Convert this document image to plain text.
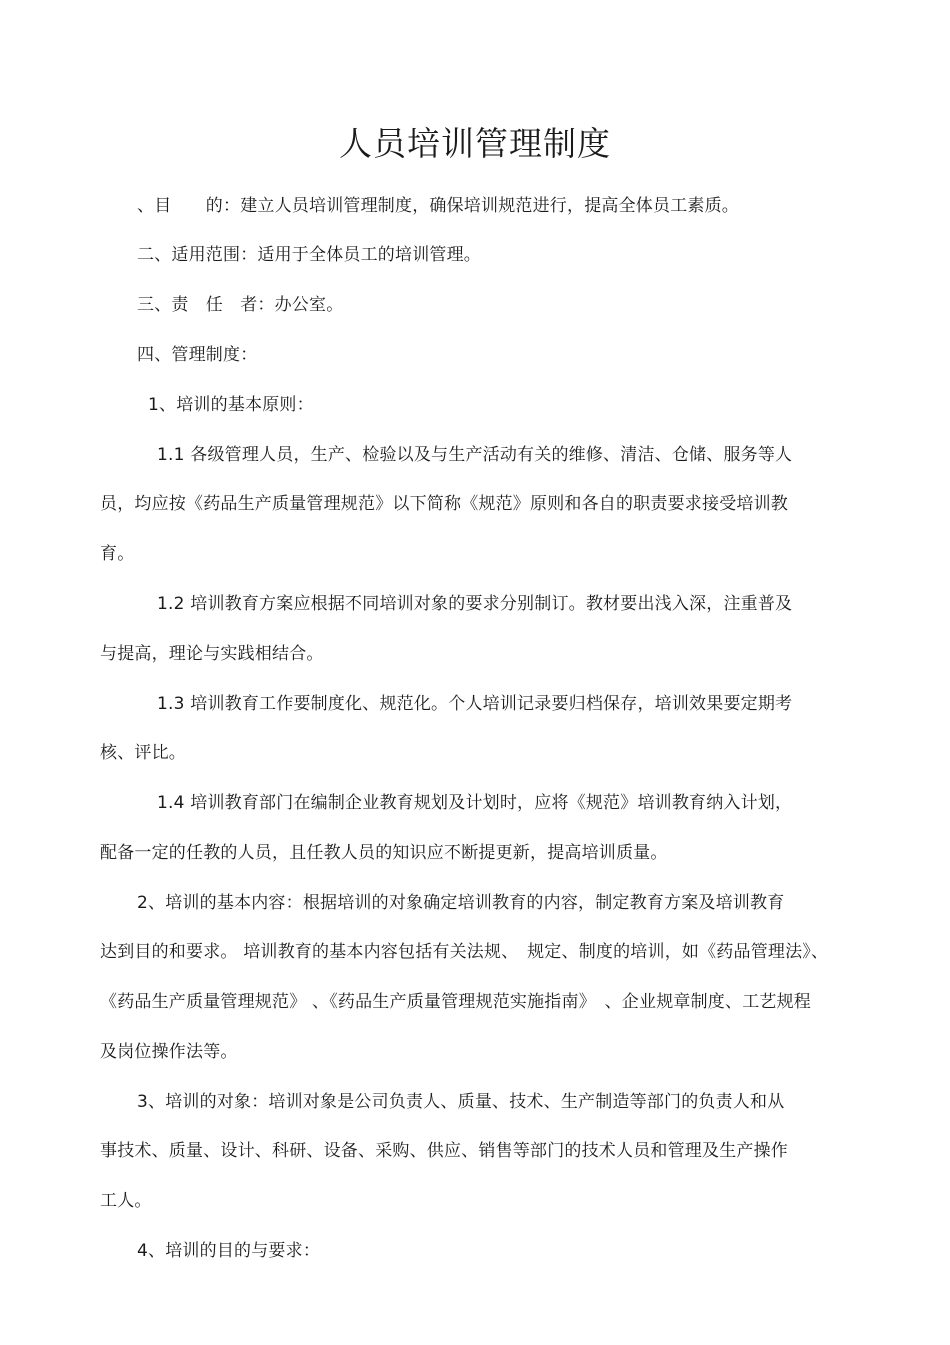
人员培训管理制度
、目　　的：建立人员培训管理制度，确保培训规范进行，提高全体员工素质。
二、适用范围：适用于全体员工的培训管理。
三、责　任　者：办公室。
四、管理制度：
1、培训的基本原则：
1.1 各级管理人员，生产、检验以及与生产活动有关的维修、清洁、仓储、服务等人
员，均应按《药品生产质量管理规范》以下简称《规范》原则和各自的职责要求接受培训教
育。
1.2 培训教育方案应根据不同培训对象的要求分别制订。教材要出浅入深，注重普及
与提高，理论与实践相结合。
1.3 培训教育工作要制度化、规范化。个人培训记录要归档保存，培训效果要定期考
核、评比。
1.4 培训教育部门在编制企业教育规划及计划时，应将《规范》培训教育纳入计划，
配备一定的任教的人员，且任教人员的知识应不断提更新，提高培训质量。
2、培训的基本内容：根据培训的对象确定培训教育的内容，制定教育方案及培训教育
达到目的和要求。 培训教育的基本内容包括有关法规、　规定、制度的培训，如《药品管理法》、
《药品生产质量管理规范》 、《药品生产质量管理规范实施指南》　、企业规章制度、工艺规程
及岗位操作法等。
3、培训的对象：培训对象是公司负责人、质量、技术、生产制造等部门的负责人和从
事技术、质量、设计、科研、设备、采购、供应、销售等部门的技术人员和管理及生产操作
工人。
4、培训的目的与要求：
